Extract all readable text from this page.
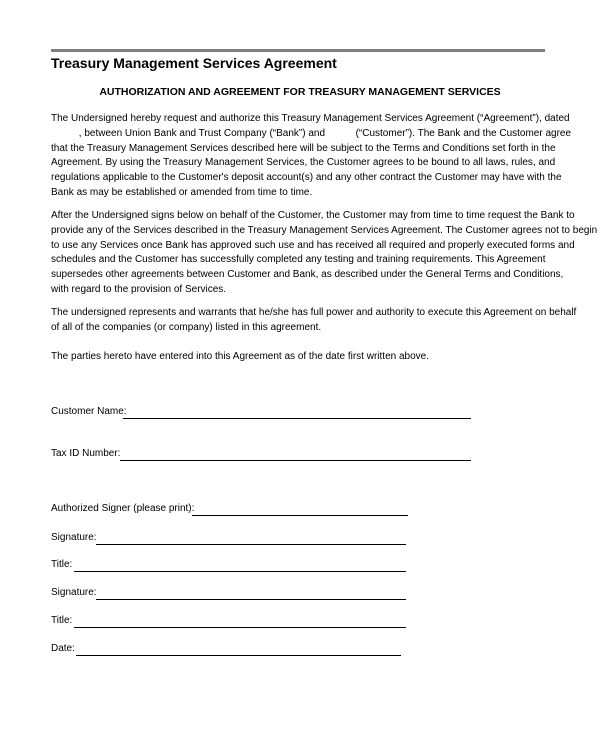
Treasury Management Services Agreement
AUTHORIZATION AND AGREEMENT FOR TREASURY MANAGEMENT SERVICES
The Undersigned hereby request and authorize this Treasury Management Services Agreement (“Agreement”), dated
, between Union Bank and Trust Company (“Bank”) and           (“Customer”). The Bank and the Customer agree
that the Treasury Management Services described here will be subject to the Terms and Conditions set forth in the
Agreement. By using the Treasury Management Services, the Customer agrees to be bound to all laws, rules, and
regulations applicable to the Customer's deposit account(s) and any other contract the Customer may have with the
Bank as may be established or amended from time to time.
After the Undersigned signs below on behalf of the Customer, the Customer may from time to time request the Bank to
provide any of the Services described in the Treasury Management Services Agreement. The Customer agrees not to begin
to use any Services once Bank has approved such use and has received all required and properly executed forms and
schedules and the Customer has successfully completed any testing and training requirements. This Agreement
supersedes other agreements between Customer and Bank, as described under the General Terms and Conditions,
with regard to the provision of Services.
The undersigned represents and warrants that he/she has full power and authority to execute this Agreement on behalf
of all of the companies (or company) listed in this agreement.
The parties hereto have entered into this Agreement as of the date first written above.
Customer Name:
Tax ID Number:
Authorized Signer (please print):
Signature:
Title:
Signature:
Title:
Date:
